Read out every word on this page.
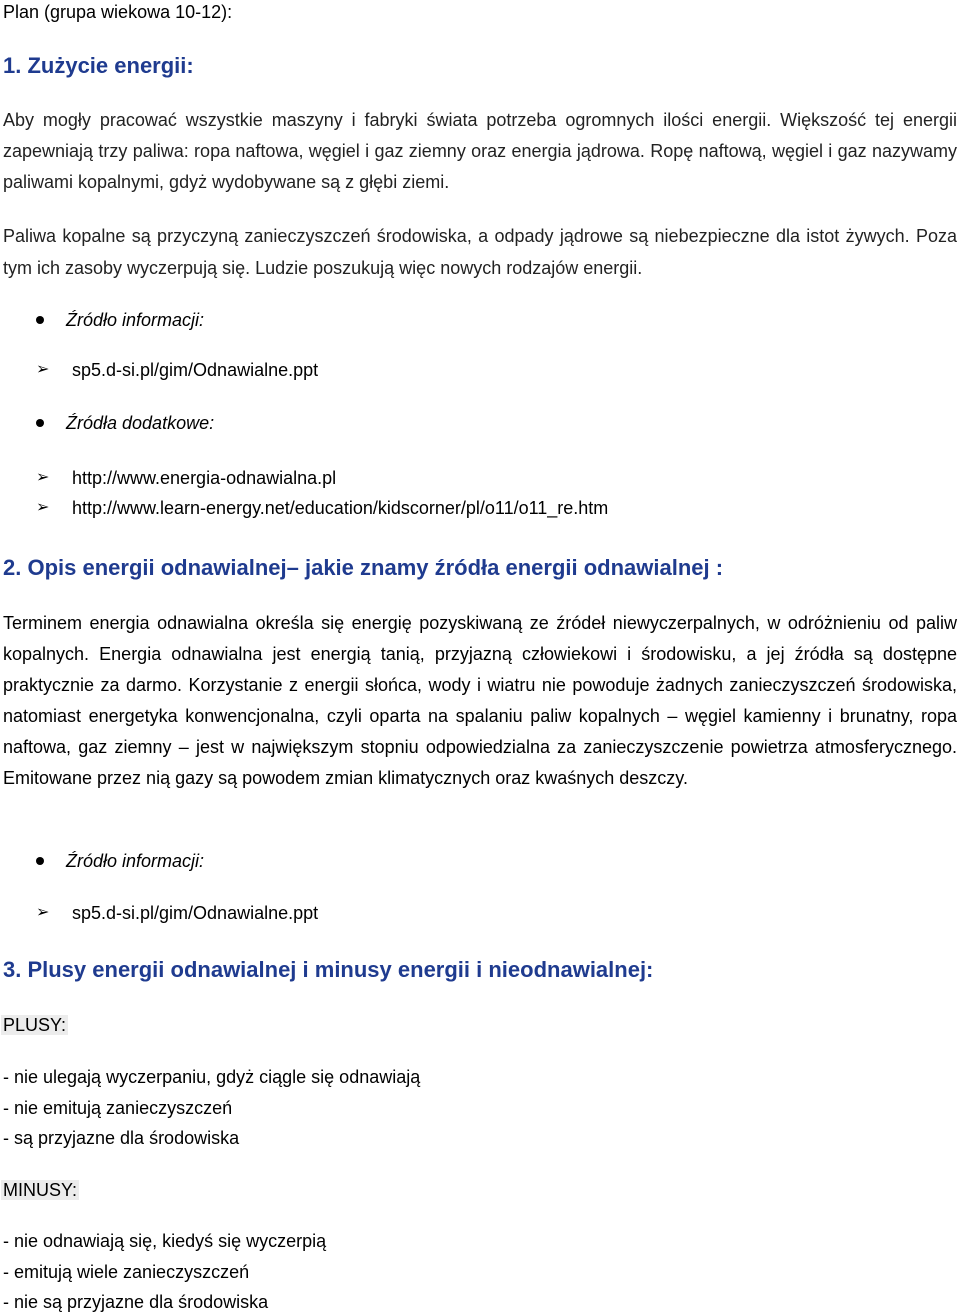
Plan (grupa wiekowa 10-12):
1. Zużycie energii:
Aby mogły pracować wszystkie maszyny i fabryki świata potrzeba ogromnych ilości energii. Większość tej energii zapewniają trzy paliwa: ropa naftowa, węgiel i gaz ziemny oraz energia jądrowa. Ropę naftową, węgiel i gaz nazywamy paliwami kopalnymi, gdyż wydobywane są z głębi ziemi.
Paliwa kopalne są przyczyną zanieczyszczeń środowiska, a odpady jądrowe są niebezpieczne dla istot żywych. Poza tym ich zasoby wyczerpują się. Ludzie poszukują więc nowych rodzajów energii.
Źródło informacji:
➢	sp5.d-si.pl/gim/Odnawialne.ppt
Źródła dodatkowe:
➢	http://www.energia-odnawialna.pl
➢	http://www.learn-energy.net/education/kidscorner/pl/o11/o11_re.htm
2. Opis energii odnawialnej– jakie znamy źródła energii odnawialnej :
Terminem energia odnawialna określa się energię pozyskiwaną ze źródeł niewyczerpalnych, w odróżnieniu od paliw kopalnych. Energia odnawialna jest energią tanią, przyjazną człowiekowi i środowisku, a jej źródła są dostępne praktycznie za darmo. Korzystanie z energii słońca, wody i wiatru nie powoduje żadnych zanieczyszczeń środowiska, natomiast energetyka konwencjonalna, czyli oparta na spalaniu paliw kopalnych – węgiel kamienny i brunatny, ropa naftowa, gaz ziemny – jest w największym stopniu odpowiedzialna za zanieczyszczenie powietrza atmosferycznego. Emitowane przez nią gazy są powodem zmian klimatycznych oraz kwaśnych deszczy.
Źródło informacji:
➢	sp5.d-si.pl/gim/Odnawialne.ppt
3. Plusy energii odnawialnej i minusy energii i nieodnawialnej:
PLUSY:
- nie ulegają wyczerpaniu, gdyż ciągle się odnawiają
- nie emitują zanieczyszczeń
- są przyjazne dla środowiska
MINUSY:
- nie odnawiają się, kiedyś się wyczerpią
- emitują wiele zanieczyszczeń
- nie są przyjazne dla środowiska
